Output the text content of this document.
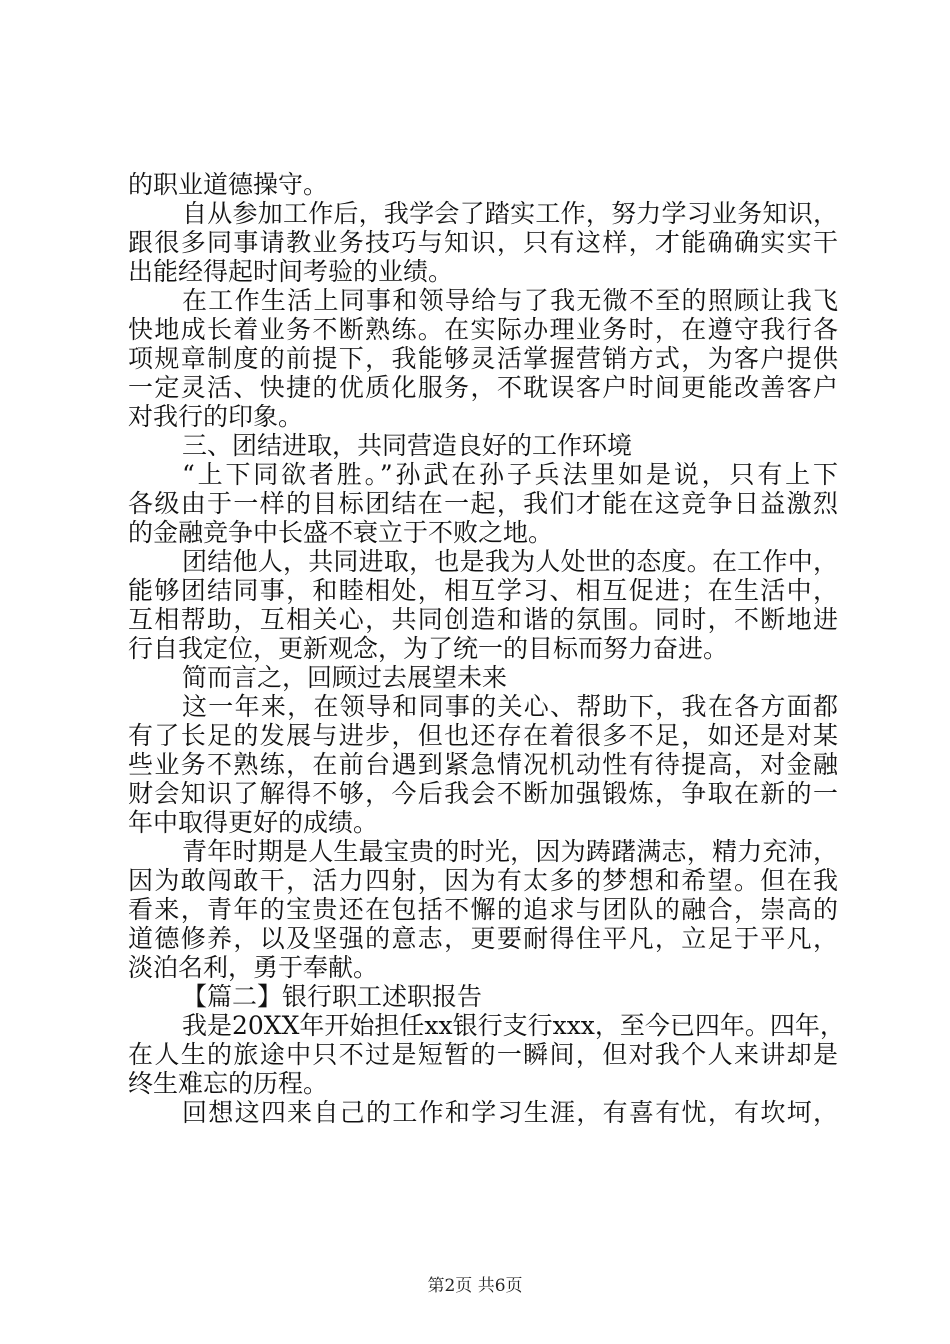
的职业道德操守。
自从参加工作后，我学会了踏实工作，努力学习业务知识，
跟很多同事请教业务技巧与知识，只有这样，才能确确实实干
出能经得起时间考验的业绩。
在工作生活上同事和领导给与了我无微不至的照顾让我飞
快地成长着业务不断熟练。在实际办理业务时，在遵守我行各
项规章制度的前提下，我能够灵活掌握营销方式，为客户提供
一定灵活、快捷的优质化服务，不耽误客户时间更能改善客户
对我行的印象。
三、团结进取，共同营造良好的工作环境
“上下同欲者胜。”孙武在孙子兵法里如是说，只有上下
各级由于一样的目标团结在一起，我们才能在这竞争日益激烈
的金融竞争中长盛不衰立于不败之地。
团结他人，共同进取，也是我为人处世的态度。在工作中，
能够团结同事，和睦相处，相互学习、相互促进；在生活中，
互相帮助，互相关心，共同创造和谐的氛围。同时，不断地进
行自我定位，更新观念，为了统一的目标而努力奋进。
简而言之，回顾过去展望未来
这一年来，在领导和同事的关心、帮助下，我在各方面都
有了长足的发展与进步，但也还存在着很多不足，如还是对某
些业务不熟练，在前台遇到紧急情况机动性有待提高，对金融
财会知识了解得不够，今后我会不断加强锻炼，争取在新的一
年中取得更好的成绩。
青年时期是人生最宝贵的时光，因为踌躇满志，精力充沛，
因为敢闯敢干，活力四射，因为有太多的梦想和希望。但在我
看来，青年的宝贵还在包括不懈的追求与团队的融合，崇高的
道德修养，以及坚强的意志，更要耐得住平凡，立足于平凡，
淡泊名利，勇于奉献。
【篇二】银行职工述职报告
我是20XX年开始担任xx银行支行xxx，至今已四年。四年，
在人生的旅途中只不过是短暂的一瞬间，但对我个人来讲却是
终生难忘的历程。
回想这四来自己的工作和学习生涯，有喜有忧，有坎坷，
第2页 共6页
